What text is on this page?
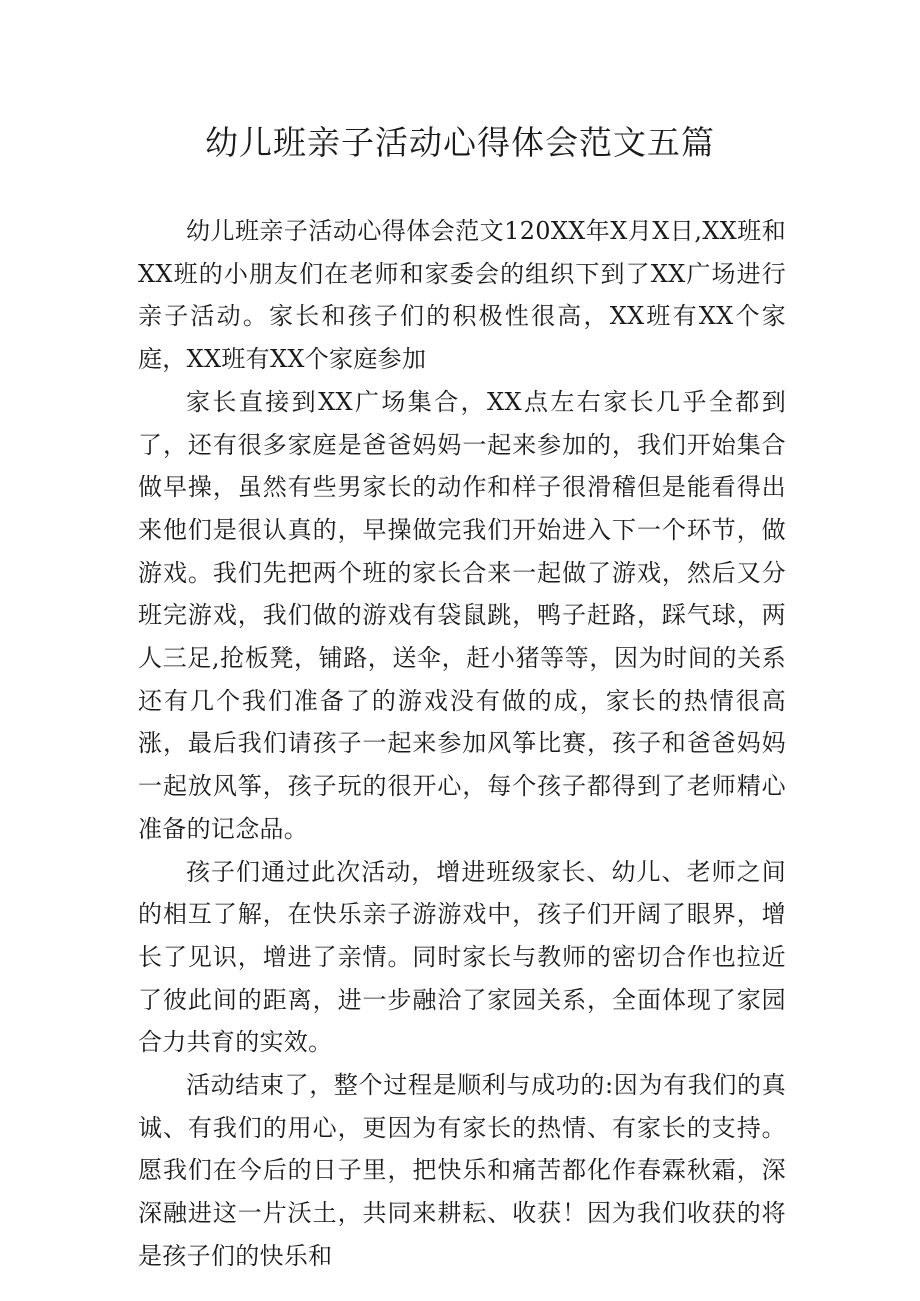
幼儿班亲子活动心得体会范文五篇

幼儿班亲子活动心得体会范文120XX年X月X日,XX班和XX班的小朋友们在老师和家委会的组织下到了XX广场进行亲子活动。家长和孩子们的积极性很高，XX班有XX个家庭，XX班有XX个家庭参加

家长直接到XX广场集合，XX点左右家长几乎全都到了，还有很多家庭是爸爸妈妈一起来参加的，我们开始集合做早操，虽然有些男家长的动作和样子很滑稽但是能看得出来他们是很认真的，早操做完我们开始进入下一个环节，做游戏。我们先把两个班的家长合来一起做了游戏，然后又分班完游戏，我们做的游戏有袋鼠跳，鸭子赶路，踩气球，两人三足,抢板凳，铺路，送伞，赶小猪等等，因为时间的关系还有几个我们准备了的游戏没有做的成，家长的热情很高涨，最后我们请孩子一起来参加风筝比赛，孩子和爸爸妈妈一起放风筝，孩子玩的很开心，每个孩子都得到了老师精心准备的记念品。

孩子们通过此次活动，增进班级家长、幼儿、老师之间的相互了解，在快乐亲子游游戏中，孩子们开阔了眼界，增长了见识，增进了亲情。同时家长与教师的密切合作也拉近了彼此间的距离，进一步融洽了家园关系，全面体现了家园合力共育的实效。

活动结束了，整个过程是顺利与成功的:因为有我们的真诚、有我们的用心，更因为有家长的热情、有家长的支持。愿我们在今后的日子里，把快乐和痛苦都化作春霖秋霜，深深融进这一片沃土，共同来耕耘、收获！因为我们收获的将是孩子们的快乐和
